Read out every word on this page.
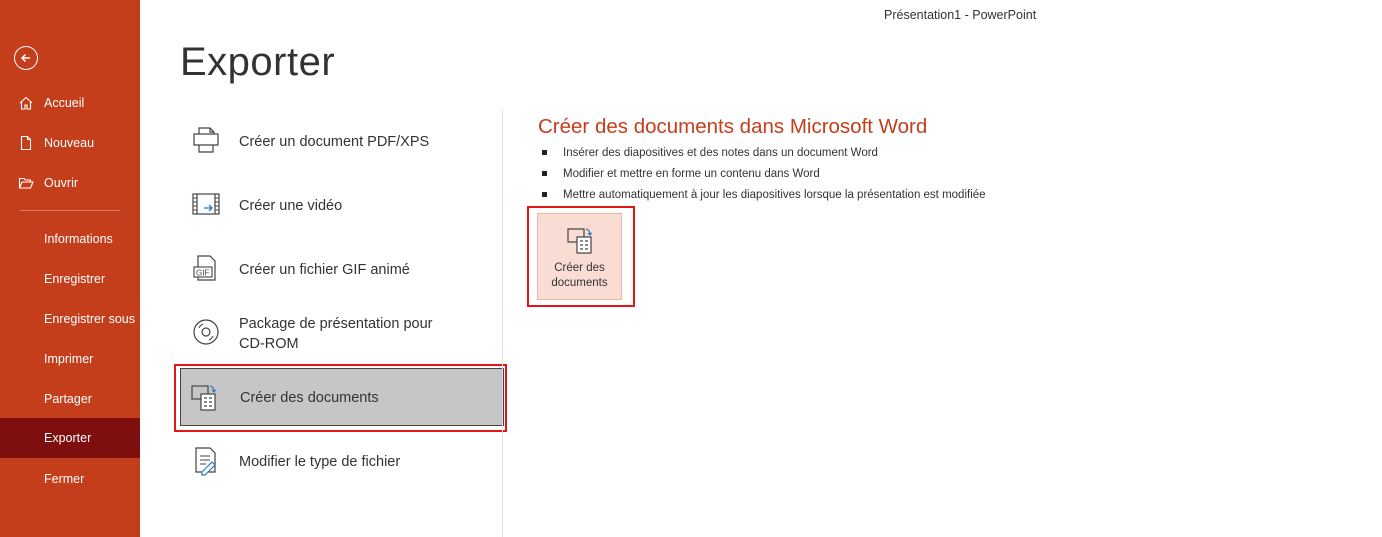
Accueil
Nouveau
Ouvrir
Informations
Enregistrer
Enregistrer sous
Imprimer
Partager
Exporter
Fermer
Présentation1 - PowerPoint
Exporter
Créer un document PDF/XPS
Créer une vidéo
GIF Créer un fichier GIF animé
Package de présentation pour
CD-ROM
Créer des documents
Modifier le type de fichier
Créer des documents dans Microsoft Word
Insérer des diapositives et des notes dans un document Word
Modifier et mettre en forme un contenu dans Word
Mettre automatiquement à jour les diapositives lorsque la présentation est modifiée
Créer des
documents
